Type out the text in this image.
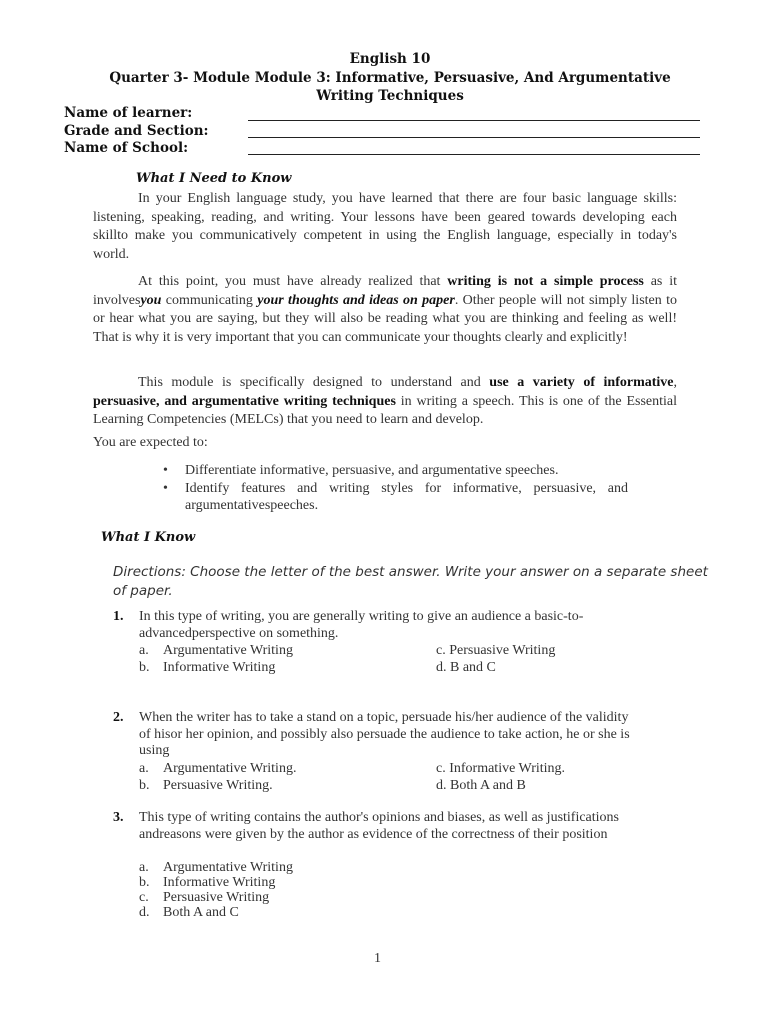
English 10
Quarter 3- Module Module 3: Informative, Persuasive, And Argumentative
Writing Techniques
Name of learner:
Grade and Section:
Name of School:
What I Need to Know
In your English language study, you have learned that there are four basic language skills: listening, speaking, reading, and writing. Your lessons have been geared towards developing each skillto make you communicatively competent in using the English language, especially in today's world.
At this point, you must have already realized that writing is not a simple process as it involvesyou communicating your thoughts and ideas on paper. Other people will not simply listen to or hear what you are saying, but they will also be reading what you are thinking and feeling as well! That is why it is very important that you can communicate your thoughts clearly and explicitly!
This module is specifically designed to understand and use a variety of informative, persuasive, and argumentative writing techniques in writing a speech. This is one of the Essential Learning Competencies (MELCs) that you need to learn and develop.
You are expected to:
• Differentiate informative, persuasive, and argumentative speeches.
• Identify features and writing styles for informative, persuasive, and argumentativespeeches.
What I Know
Directions: Choose the letter of the best answer. Write your answer on a separate sheet of paper.
1. In this type of writing, you are generally writing to give an audience a basic-to-advancedperspective on something.
a. Argumentative Writing
b. Informative Writing
c. Persuasive Writing
d. B and C
2. When the writer has to take a stand on a topic, persuade his/her audience of the validity of hisor her opinion, and possibly also persuade the audience to take action, he or she is using
a. Argumentative Writing.
b. Persuasive Writing.
c. Informative Writing.
d. Both A and B
3. This type of writing contains the author's opinions and biases, as well as justifications andreasons were given by the author as evidence of the correctness of their position
a. Argumentative Writing
b. Informative Writing
c. Persuasive Writing
d. Both A and C
1
